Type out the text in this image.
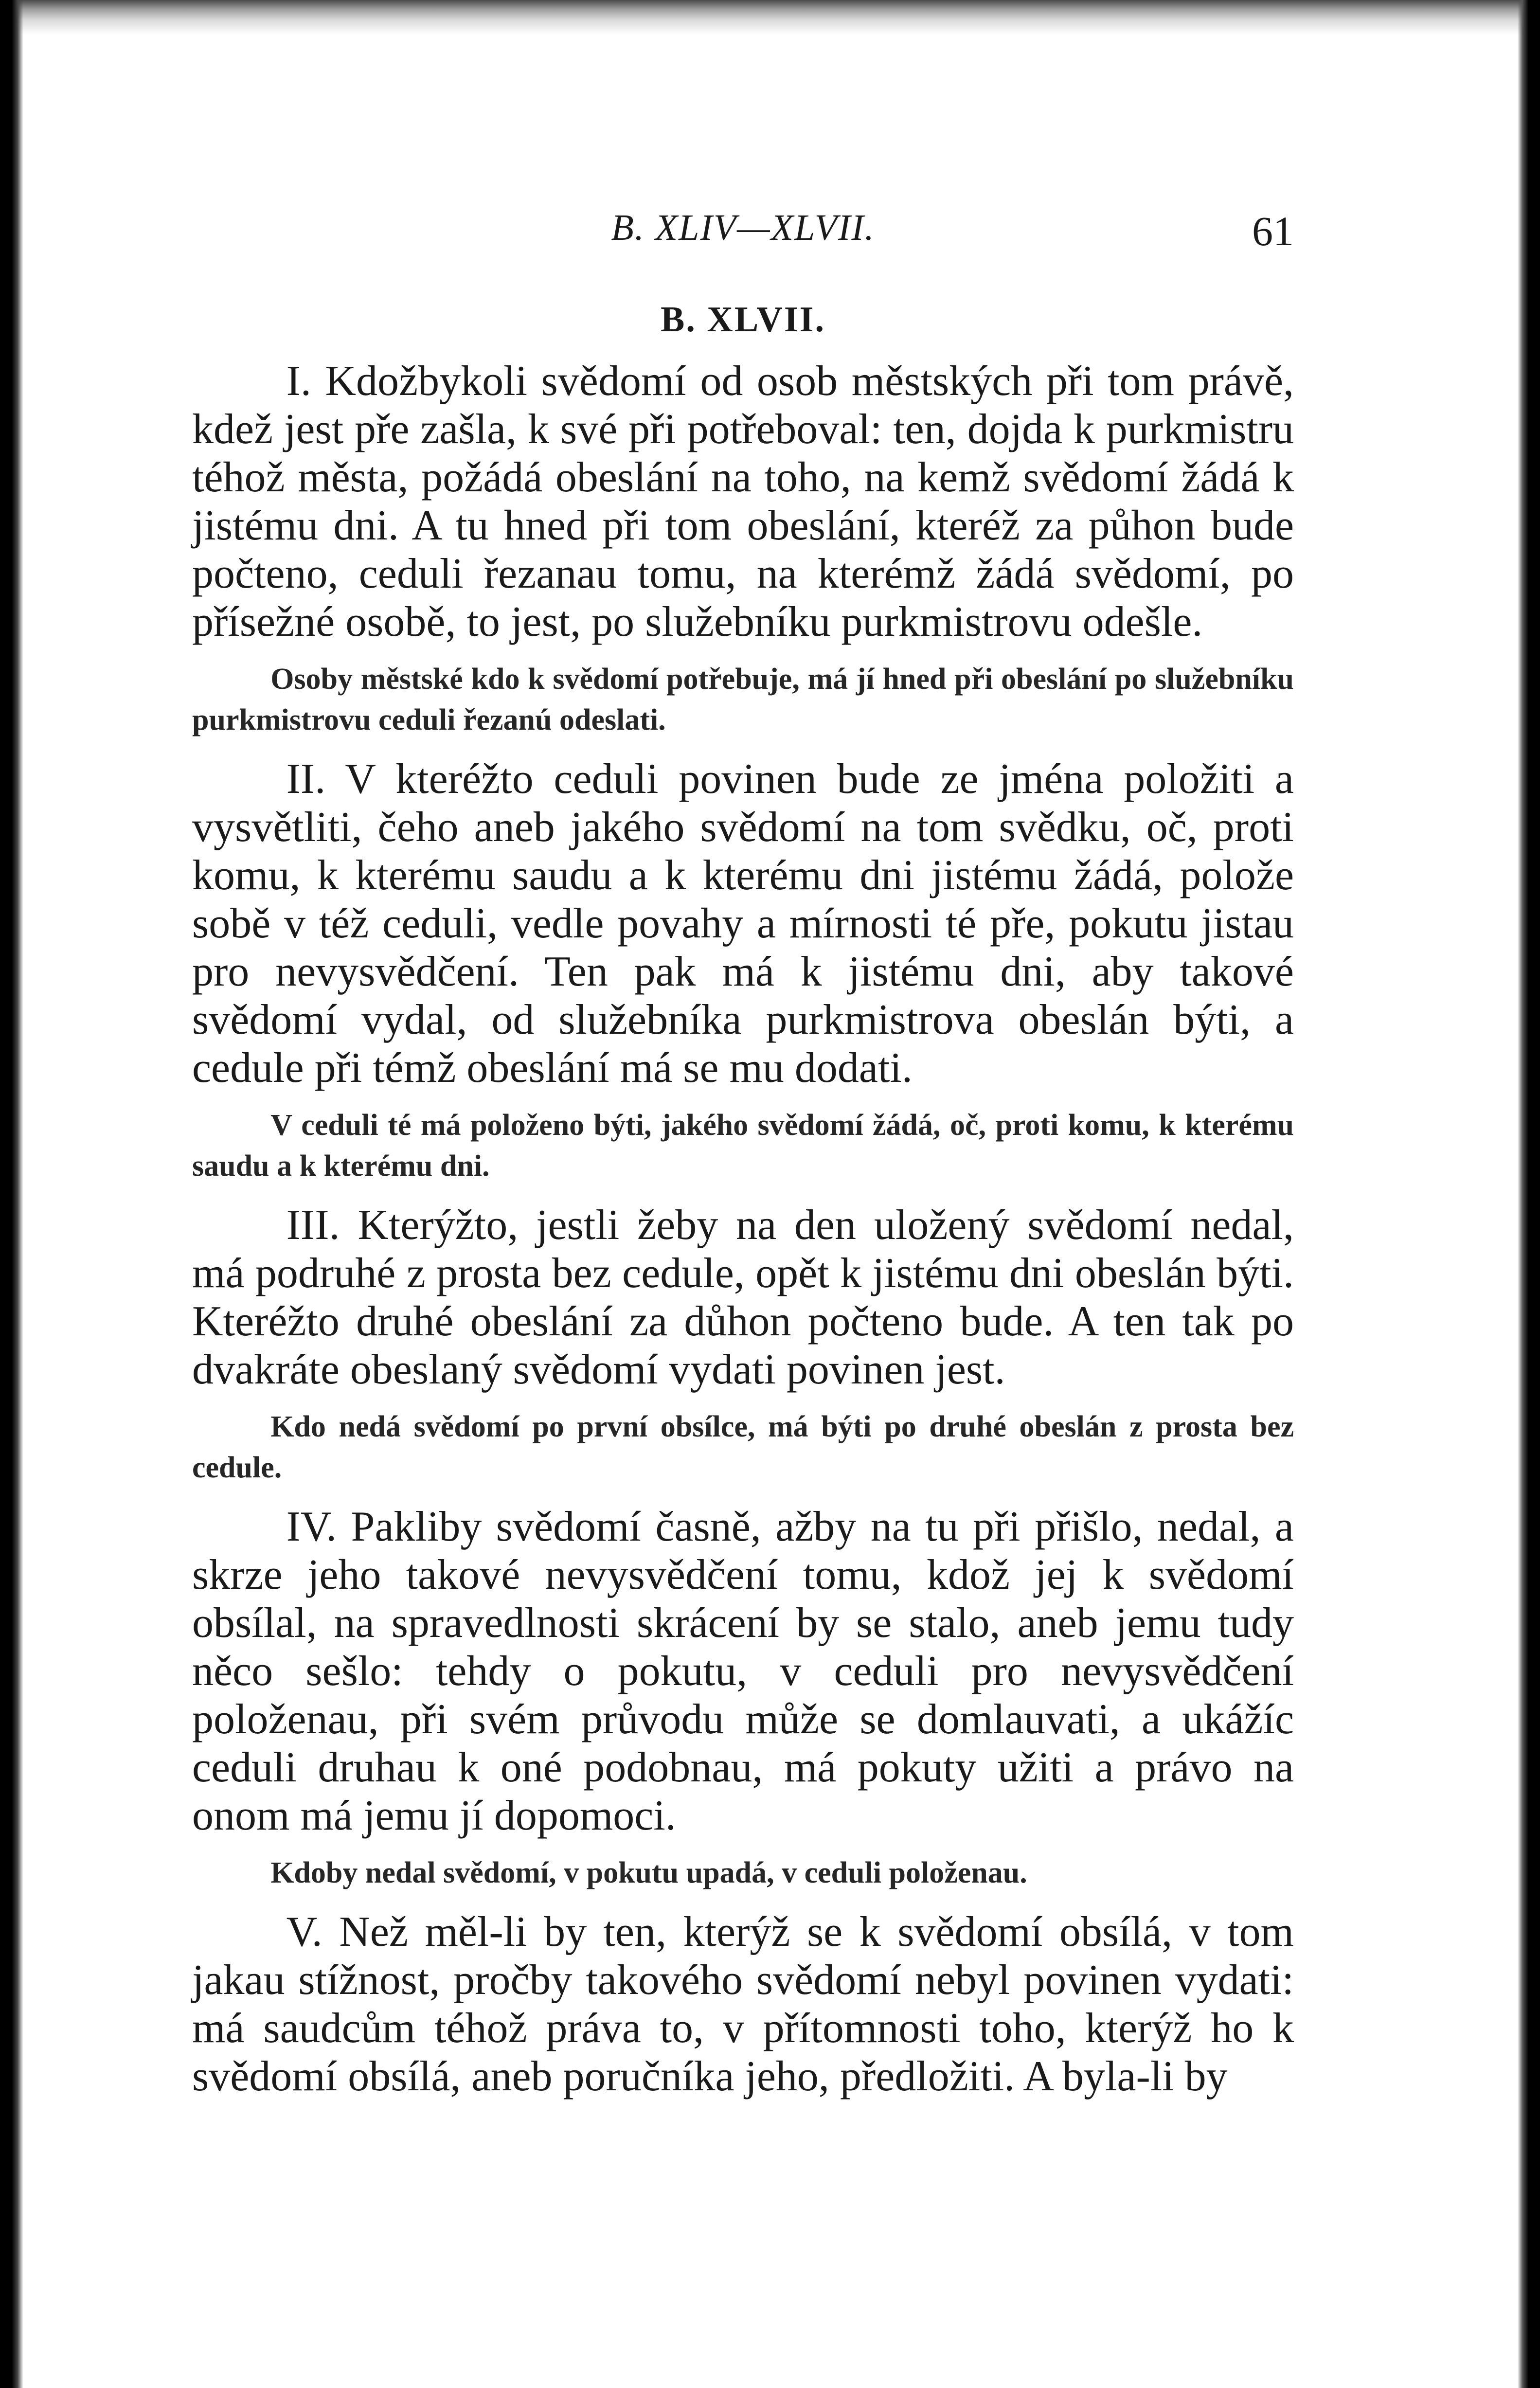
B. XLIV—XLVII.	61
B. XLVII.

I. Kdožbykoli svědomí od osob městských při tom právě, kdež jest pře zašla, k své při potřeboval: ten, dojda k purkmistru téhož města, požádá obeslání na toho, na kemž svědomí žádá k jistému dni. A tu hned při tom obeslání, kteréž za půhon bude počteno, ceduli řezanau tomu, na kterémž žádá svědomí, po přísežné osobě, to jest, po služebníku purkmistrovu odešle.

Osoby městské kdo k svědomí potřebuje, má jí hned při obeslání po služebníku purkmistrovu ceduli řezanú odeslati.

II. V kteréžto ceduli povinen bude ze jména položiti a vysvětliti, čeho aneb jakého svědomí na tom svědku, oč, proti komu, k kterému saudu a k kterému dni jistému žádá, polože sobě v též ceduli, vedle povahy a mírnosti té pře, pokutu jistau pro nevysvědčení. Ten pak má k jistému dni, aby takové svědomí vydal, od služebníka purkmistrova obeslán býti, a cedule při témž obeslání má se mu dodati.

V ceduli té má položeno býti, jakého svědomí žádá, oč, proti komu, k kterému saudu a k kterému dni.

III. Kterýžto, jestli žeby na den uložený svědomí nedal, má podruhé z prosta bez cedule, opět k jistému dni obeslán býti. Kteréžto druhé obeslání za důhon počteno bude. A ten tak po dvakráte obeslaný svědomí vydati povinen jest.

Kdo nedá svědomí po první obsílce, má býti po druhé obeslán z prosta bez cedule.

IV. Pakliby svědomí časně, ažby na tu při přišlo, nedal, a skrze jeho takové nevysvědčení tomu, kdož jej k svědomí obsílal, na spravedlnosti skrácení by se stalo, aneb jemu tudy něco sešlo: tehdy o pokutu, v ceduli pro nevysvědčení položenau, při svém průvodu může se domlauvati, a ukážíc ceduli druhau k oné podobnau, má pokuty užiti a právo na onom má jemu jí dopomoci.

Kdoby nedal svědomí, v pokutu upadá, v ceduli položenau.

V. Než měl-li by ten, kterýž se k svědomí obsílá, v tom jakau stížnost, pročby takového svědomí nebyl povinen vydati: má saudcům téhož práva to, v přítomnosti toho, kterýž ho k svědomí obsílá, aneb poručníka jeho, předložiti. A byla-li by
